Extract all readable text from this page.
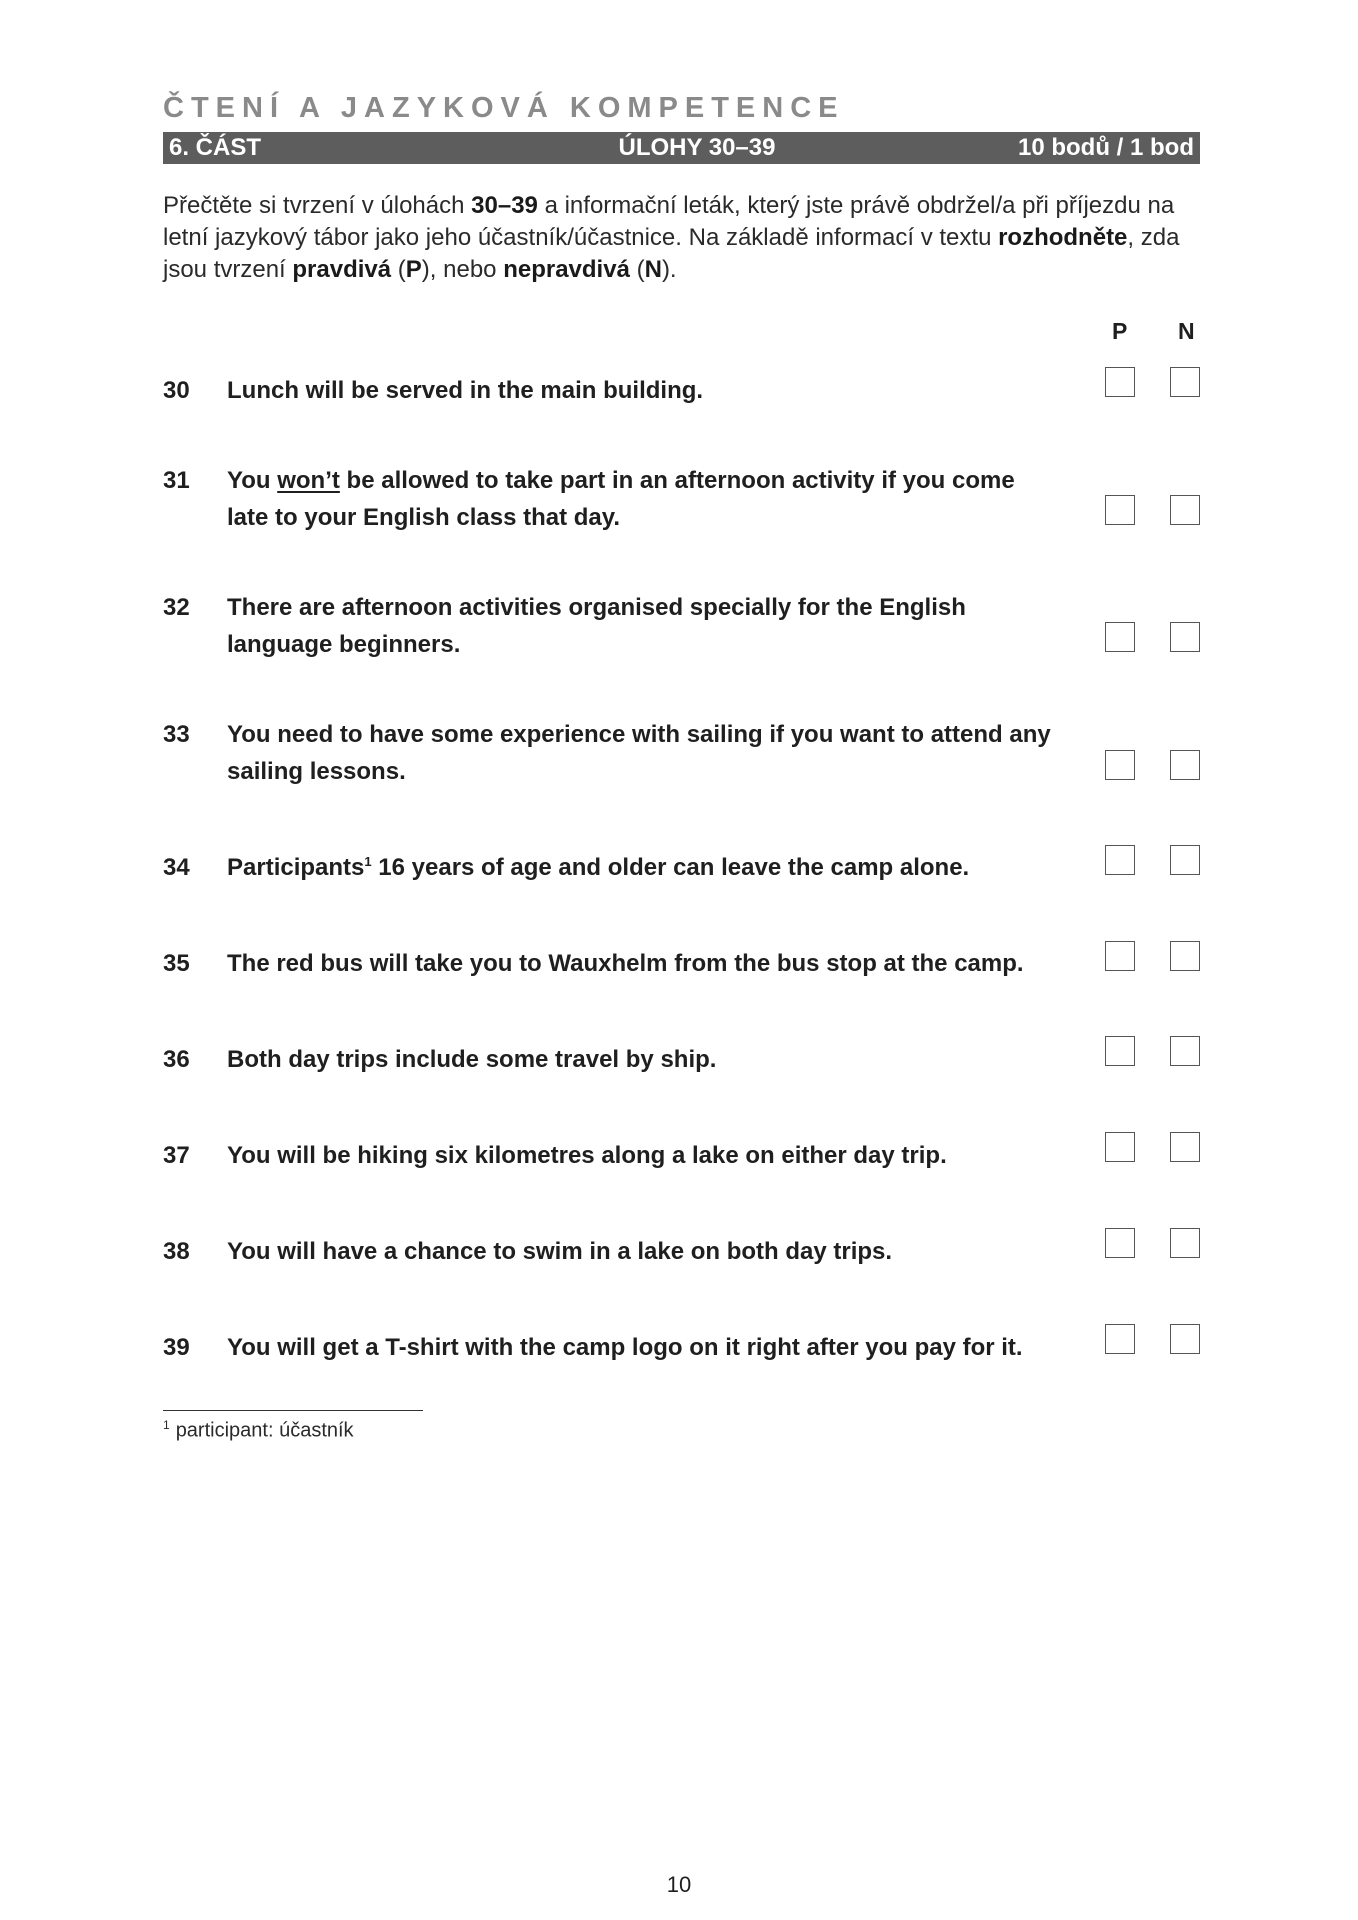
ČTENÍ A JAZYKOVÁ KOMPETENCE
6. ČÁST	ÚLOHY 30–39	10 bodů / 1 bod
Přečtěte si tvrzení v úlohách 30–39 a informační leták, který jste právě obdržel/a při příjezdu na letní jazykový tábor jako jeho účastník/účastnice. Na základě informací v textu rozhodněte, zda jsou tvrzení pravdivá (P), nebo nepravdivá (N).
P N
30 Lunch will be served in the main building.
31 You won’t be allowed to take part in an afternoon activity if you come late to your English class that day.
32 There are afternoon activities organised specially for the English language beginners.
33 You need to have some experience with sailing if you want to attend any sailing lessons.
34 Participants$^1$ 16 years of age and older can leave the camp alone.
35 The red bus will take you to Wauxhelm from the bus stop at the camp.
36 Both day trips include some travel by ship.
37 You will be hiking six kilometres along a lake on either day trip.
38 You will have a chance to swim in a lake on both day trips.
39 You will get a T-shirt with the camp logo on it right after you pay for it.
$^1$ participant: účastník
10
